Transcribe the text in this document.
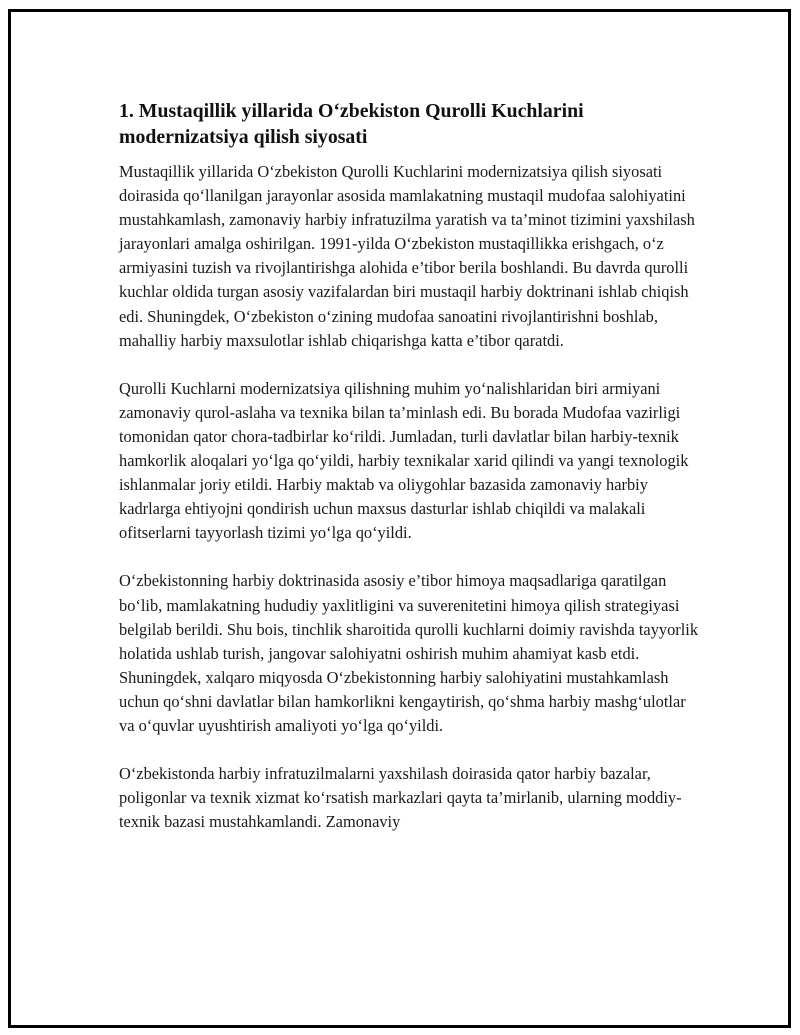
1. Mustaqillik yillarida O‘zbekiston Qurolli Kuchlarini modernizatsiya qilish siyosati

Mustaqillik yillarida O‘zbekiston Qurolli Kuchlarini modernizatsiya qilish siyosati doirasida qo‘llanilgan jarayonlar asosida mamlakatning mustaqil mudofaa salohiyatini mustahkamlash, zamonaviy harbiy infratuzilma yaratish va ta’minot tizimini yaxshilash jarayonlari amalga oshirilgan. 1991-yilda O‘zbekiston mustaqillikka erishgach, o‘z armiyasini tuzish va rivojlantirishga alohida e’tibor berila boshlandi. Bu davrda qurolli kuchlar oldida turgan asosiy vazifalardan biri mustaqil harbiy doktrinani ishlab chiqish edi. Shuningdek, O‘zbekiston o‘zining mudofaa sanoatini rivojlantirishni boshlab, mahalliy harbiy maxsulotlar ishlab chiqarishga katta e’tibor qaratdi.

Qurolli Kuchlarni modernizatsiya qilishning muhim yo‘nalishlaridan biri armiyani zamonaviy qurol-aslaha va texnika bilan ta’minlash edi. Bu borada Mudofaa vazirligi tomonidan qator chora-tadbirlar ko‘rildi. Jumladan, turli davlatlar bilan harbiy-texnik hamkorlik aloqalari yo‘lga qo‘yildi, harbiy texnikalar xarid qilindi va yangi texnologik ishlanmalar joriy etildi. Harbiy maktab va oliygohlar bazasida zamonaviy harbiy kadrlarga ehtiyojni qondirish uchun maxsus dasturlar ishlab chiqildi va malakali ofitserlarni tayyorlash tizimi yo‘lga qo‘yildi.

O‘zbekistonning harbiy doktrinasida asosiy e’tibor himoya maqsadlariga qaratilgan bo‘lib, mamlakatning hududiy yaxlitligini va suverenitetini himoya qilish strategiyasi belgilab berildi. Shu bois, tinchlik sharoitida qurolli kuchlarni doimiy ravishda tayyorlik holatida ushlab turish, jangovar salohiyatni oshirish muhim ahamiyat kasb etdi. Shuningdek, xalqaro miqyosda O‘zbekistonning harbiy salohiyatini mustahkamlash uchun qo‘shni davlatlar bilan hamkorlikni kengaytirish, qo‘shma harbiy mashg‘ulotlar va o‘quvlar uyushtirish amaliyoti yo‘lga qo‘yildi.

O‘zbekistonda harbiy infratuzilmalarni yaxshilash doirasida qator harbiy bazalar, poligonlar va texnik xizmat ko‘rsatish markazlari qayta ta’mirlanib, ularning moddiy-texnik bazasi mustahkamlandi. Zamonaviy
